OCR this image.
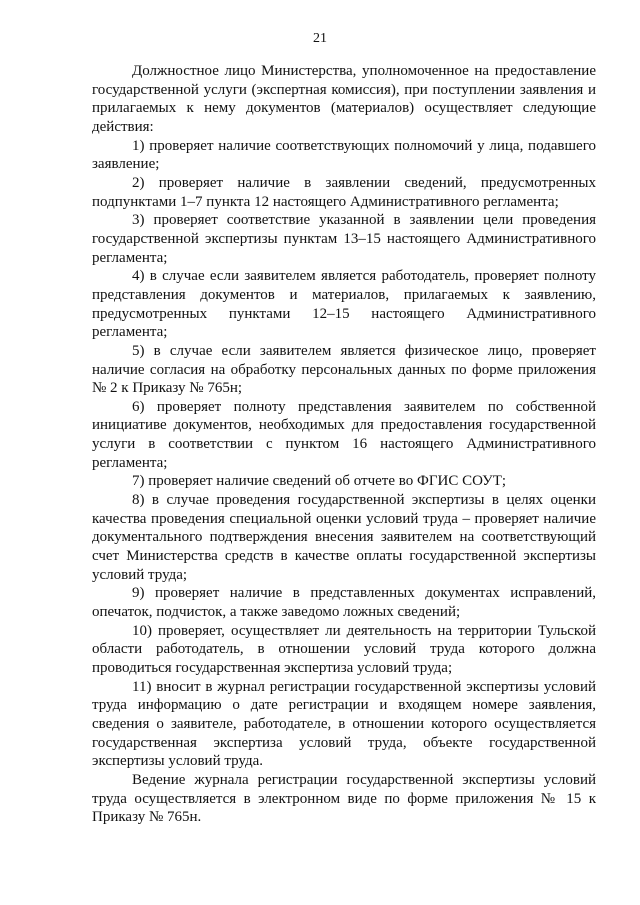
21

Должностное лицо Министерства, уполномоченное на предоставление государственной услуги (экспертная комиссия), при поступлении заявления и прилагаемых к нему документов (материалов) осуществляет следующие действия:

1) проверяет наличие соответствующих полномочий у лица, подавшего заявление;

2) проверяет наличие в заявлении сведений, предусмотренных подпунктами 1–7 пункта 12 настоящего Административного регламента;

3) проверяет соответствие указанной в заявлении цели проведения государственной экспертизы пунктам 13–15 настоящего Административного регламента;

4) в случае если заявителем является работодатель, проверяет полноту представления документов и материалов, прилагаемых к заявлению, предусмотренных пунктами 12–15 настоящего Административного регламента;

5) в случае если заявителем является физическое лицо, проверяет наличие согласия на обработку персональных данных по форме приложения № 2 к Приказу № 765н;

6) проверяет полноту представления заявителем по собственной инициативе документов, необходимых для предоставления государственной услуги в соответствии с пунктом 16 настоящего Административного регламента;

7) проверяет наличие сведений об отчете во ФГИС СОУТ;

8) в случае проведения государственной экспертизы в целях оценки качества проведения специальной оценки условий труда – проверяет наличие документального подтверждения внесения заявителем на соответствующий счет Министерства средств в качестве оплаты государственной экспертизы условий труда;

9) проверяет наличие в представленных документах исправлений, опечаток, подчисток, а также заведомо ложных сведений;

10) проверяет, осуществляет ли деятельность на территории Тульской области работодатель, в отношении условий труда которого должна проводиться государственная экспертиза условий труда;

11) вносит в журнал регистрации государственной экспертизы условий труда информацию о дате регистрации и входящем номере заявления, сведения о заявителе, работодателе, в отношении которого осуществляется государственная экспертиза условий труда, объекте государственной экспертизы условий труда.

Ведение журнала регистрации государственной экспертизы условий труда осуществляется в электронном виде по форме приложения № 15 к Приказу № 765н.
